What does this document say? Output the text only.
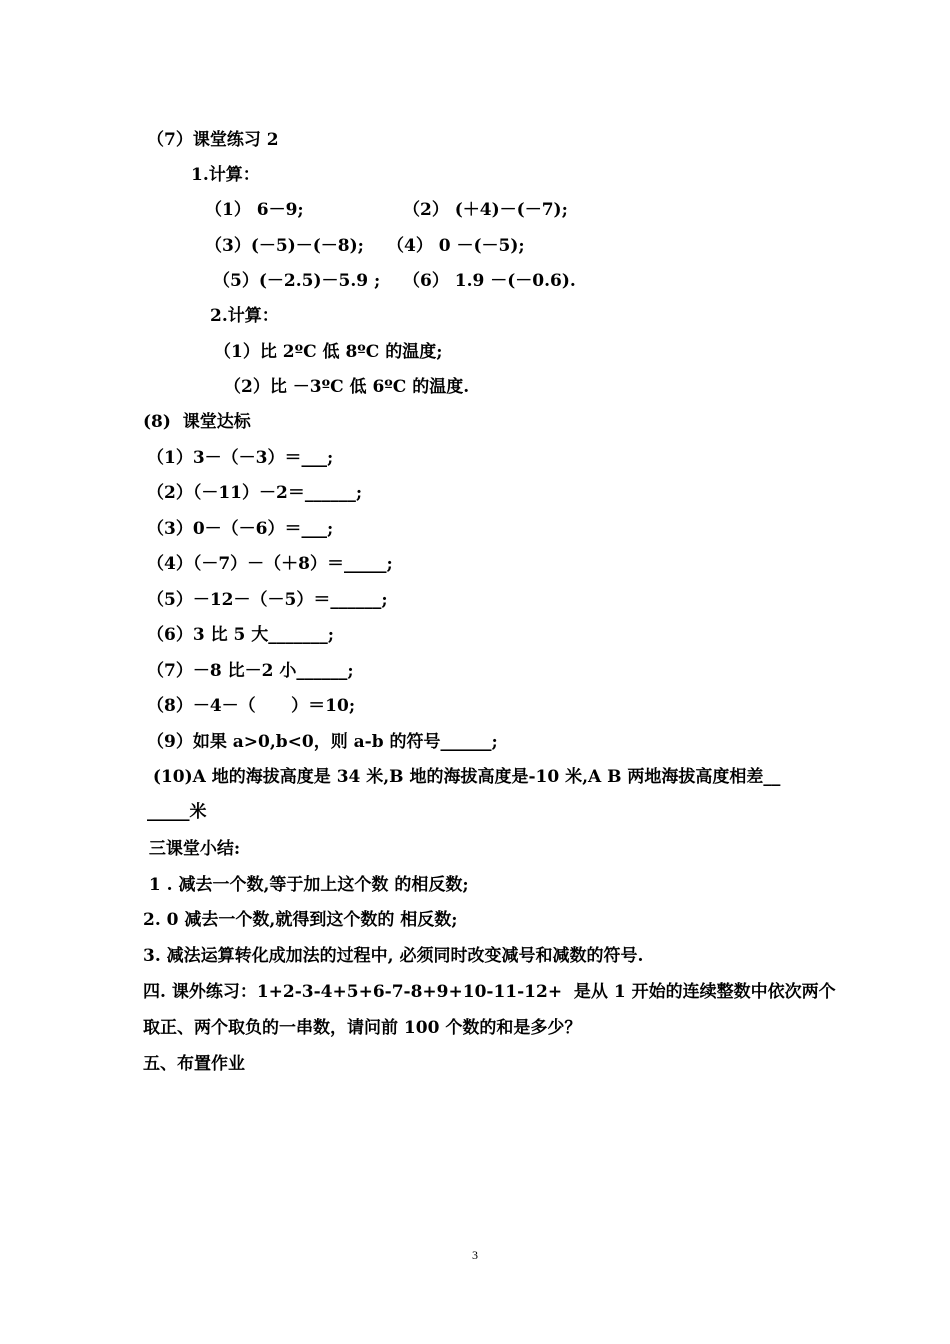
（7）课堂练习 2
1.计算：
（1） 6－9;	（2） (＋4)－(－7);
（3）(－5)－(－8); （4） 0 －(－5);
（5）(－2.5)－5.9 ; （6） 1.9 －(－0.6).
2.计算：
（1）比 2ºC 低 8ºC 的温度;
（2）比 －3ºC 低 6ºC 的温度.
(8)  课堂达标
（1）3－（－3）＝___;
（2）（－11）－2＝______;
（3）0－（－6）＝___;
（4）（－7）－（＋8）＝_____;
（5）－12－（－5）＝______;
（6）3 比 5 大_______;
（7）－8 比－2 小______;
（8）－4－（      ）＝10;
（9）如果 a>0,b<0，则 a-b 的符号______;
(10)A 地的海拔高度是 34 米,B 地的海拔高度是-10 米,A B 两地海拔高度相差__
_____米
三课堂小结:
1 . 减去一个数,等于加上这个数 的相反数;
2. 0 减去一个数,就得到这个数的 相反数;
3. 减法运算转化成加法的过程中, 必须同时改变减号和减数的符号.
四. 课外练习：1+2-3-4+5+6-7-8+9+10-11-12+  是从 1 开始的连续整数中依次两个
取正、两个取负的一串数，请问前 100 个数的和是多少？
五、布置作业
3
